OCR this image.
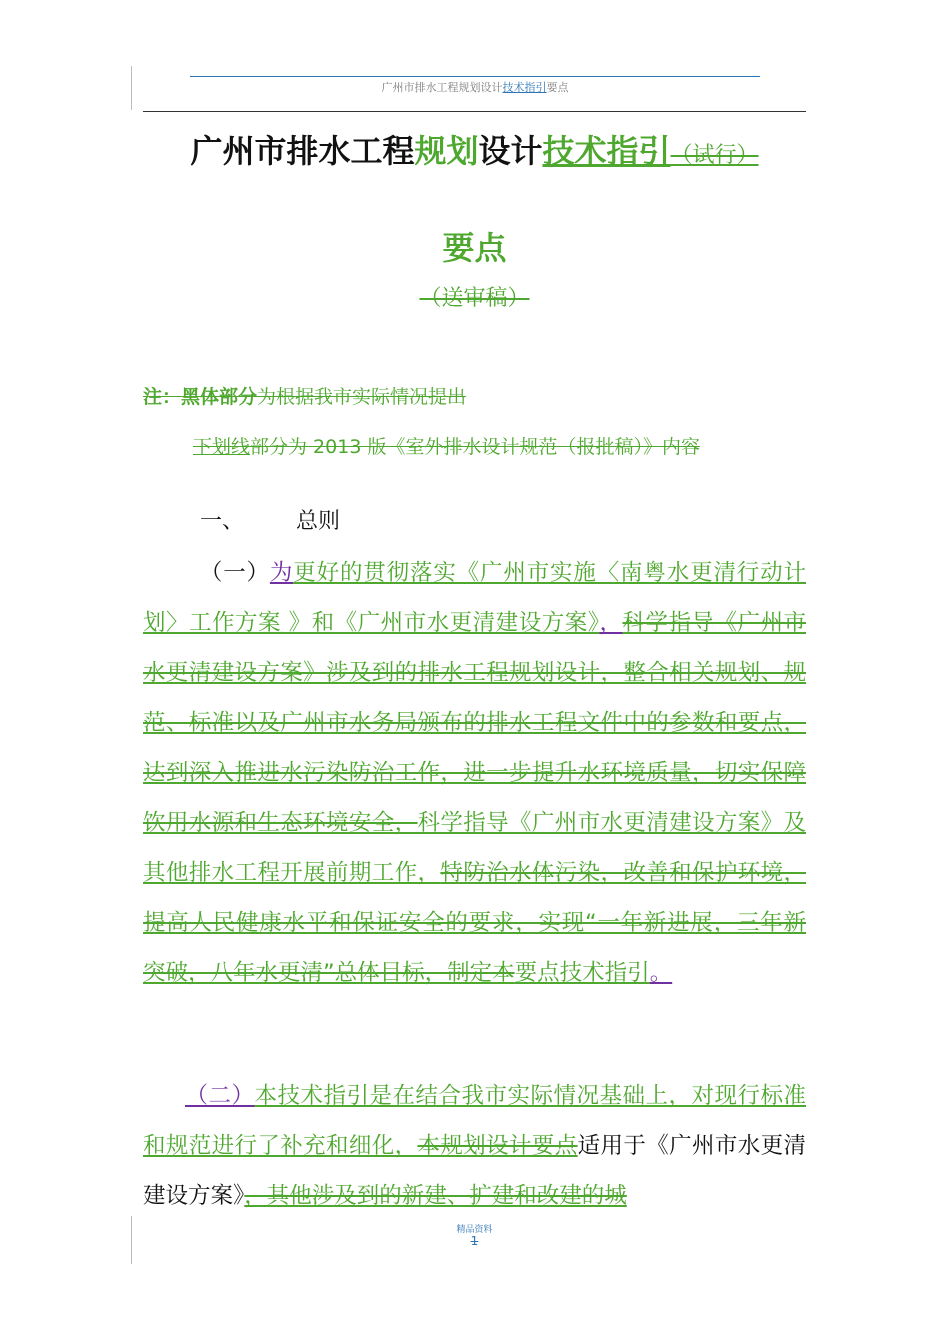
广州市排水工程规划设计技术指引要点
广州市排水工程规划设计技术指引（试行）
要点
（送审稿）
注：黑体部分为根据我市实际情况提出
下划线部分为 2013 版《室外排水设计规范（报批稿）》内容
一、 总则
（一）为更好的贯彻落实《广州市实施〈南粤水更清行动计划〉工作方案 》和《广州市水更清建设方案》，科学指导《广州市水更清建设方案》涉及到的排水工程规划设计，整合相关规划、规范、标准以及广州市水务局颁布的排水工程文件中的参数和要点，达到深入推进水污染防治工作，进一步提升水环境质量，切实保障饮用水源和生态环境安全，科学指导《广州市水更清建设方案》及其他排水工程开展前期工作，特防治水体污染，改善和保护环境，提高人民健康水平和保证安全的要求，实现“一年新进展，三年新突破，八年水更清”总体目标，制定本要点技术指引。
（二）本技术指引是在结合我市实际情况基础上，对现行标准和规范进行了补充和细化，本规划设计要点适用于《广州市水更清建设方案》，其他涉及到的新建、扩建和改建的城
精品资料
1
